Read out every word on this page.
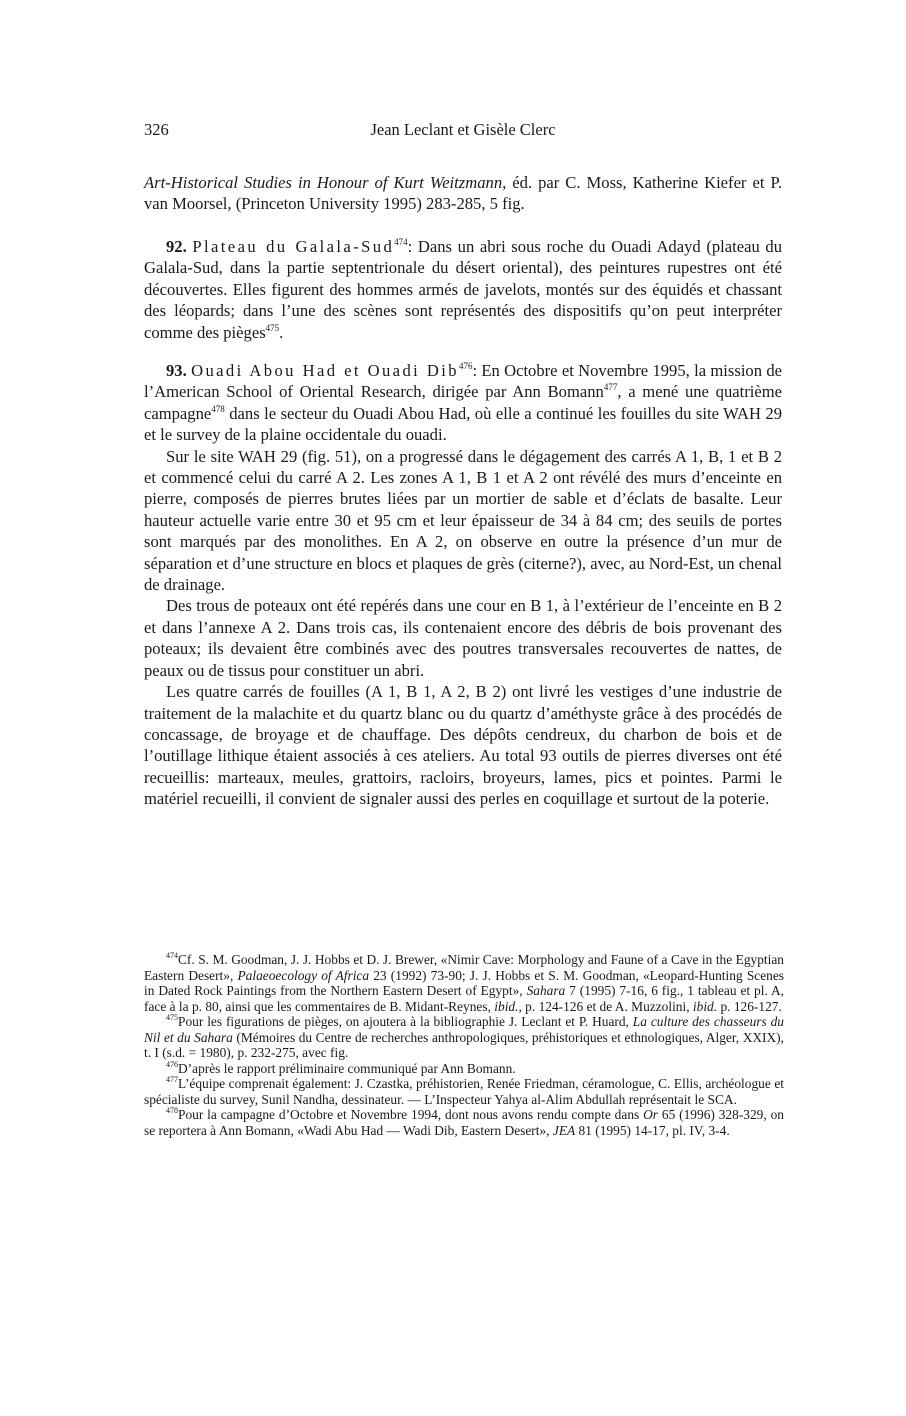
326	Jean Leclant et Gisèle Clerc

Art-Historical Studies in Honour of Kurt Weitzmann, éd. par C. Moss, Katherine Kiefer et P. van Moorsel, (Princeton University 1995) 283-285, 5 fig.

92. Plateau du Galala-Sud$^{474}$: Dans un abri sous roche du Ouadi Adayd (plateau du Galala-Sud, dans la partie septentrionale du désert oriental), des peintures rupestres ont été découvertes. Elles figurent des hommes armés de javelots, montés sur des équidés et chassant des léopards; dans l’une des scènes sont représentés des dispositifs qu’on peut interpréter comme des pièges$^{475}$.

93. Ouadi Abou Had et Ouadi Dib$^{476}$: En Octobre et Novembre 1995, la mission de l’American School of Oriental Research, dirigée par Ann Bomann$^{477}$, a mené une quatrième campagne$^{478}$ dans le secteur du Ouadi Abou Had, où elle a continué les fouilles du site WAH 29 et le survey de la plaine occidentale du ouadi.

Sur le site WAH 29 (fig. 51), on a progressé dans le dégagement des carrés A 1, B, 1 et B 2 et commencé celui du carré A 2. Les zones A 1, B 1 et A 2 ont révélé des murs d’enceinte en pierre, composés de pierres brutes liées par un mortier de sable et d’éclats de basalte. Leur hauteur actuelle varie entre 30 et 95 cm et leur épaisseur de 34 à 84 cm; des seuils de portes sont marqués par des monolithes. En A 2, on observe en outre la présence d’un mur de séparation et d’une structure en blocs et plaques de grès (citerne?), avec, au Nord-Est, un chenal de drainage.

Des trous de poteaux ont été repérés dans une cour en B 1, à l’extérieur de l’enceinte en B 2 et dans l’annexe A 2. Dans trois cas, ils contenaient encore des débris de bois provenant des poteaux; ils devaient être combinés avec des poutres transversales recouvertes de nattes, de peaux ou de tissus pour constituer un abri.

Les quatre carrés de fouilles (A 1, B 1, A 2, B 2) ont livré les vestiges d’une industrie de traitement de la malachite et du quartz blanc ou du quartz d’améthyste grâce à des procédés de concassage, de broyage et de chauffage. Des dépôts cendreux, du charbon de bois et de l’outillage lithique étaient associés à ces ateliers. Au total 93 outils de pierres diverses ont été recueillis: marteaux, meules, grattoirs, racloirs, broyeurs, lames, pics et pointes. Parmi le matériel recueilli, il convient de signaler aussi des perles en coquillage et surtout de la poterie.

$^{474}$Cf. S. M. Goodman, J. J. Hobbs et D. J. Brewer, «Nimir Cave: Morphology and Faune of a Cave in the Egyptian Eastern Desert», Palaeoecology of Africa 23 (1992) 73-90; J. J. Hobbs et S. M. Goodman, «Leopard-Hunting Scenes in Dated Rock Paintings from the Northern Eastern Desert of Egypt», Sahara 7 (1995) 7-16, 6 fig., 1 tableau et pl. A, face à la p. 80, ainsi que les commentaires de B. Midant-Reynes, ibid., p. 124-126 et de A. Muzzolini, ibid. p. 126-127.

$^{475}$Pour les figurations de pièges, on ajoutera à la bibliographie J. Leclant et P. Huard, La culture des chasseurs du Nil et du Sahara (Mémoires du Centre de recherches anthropologiques, préhistoriques et ethnologiques, Alger, XXIX), t. I (s.d. = 1980), p. 232-275, avec fig.

$^{476}$D’après le rapport préliminaire communiqué par Ann Bomann.

$^{477}$L’équipe comprenait également: J. Czastka, préhistorien, Renée Friedman, céramologue, C. Ellis, archéologue et spécialiste du survey, Sunil Nandha, dessinateur. — L’Inspecteur Yahya al-Alim Abdullah représentait le SCA.

$^{478}$Pour la campagne d’Octobre et Novembre 1994, dont nous avons rendu compte dans Or 65 (1996) 328-329, on se reportera à Ann Bomann, «Wadi Abu Had — Wadi Dib, Eastern Desert», JEA 81 (1995) 14-17, pl. IV, 3-4.
